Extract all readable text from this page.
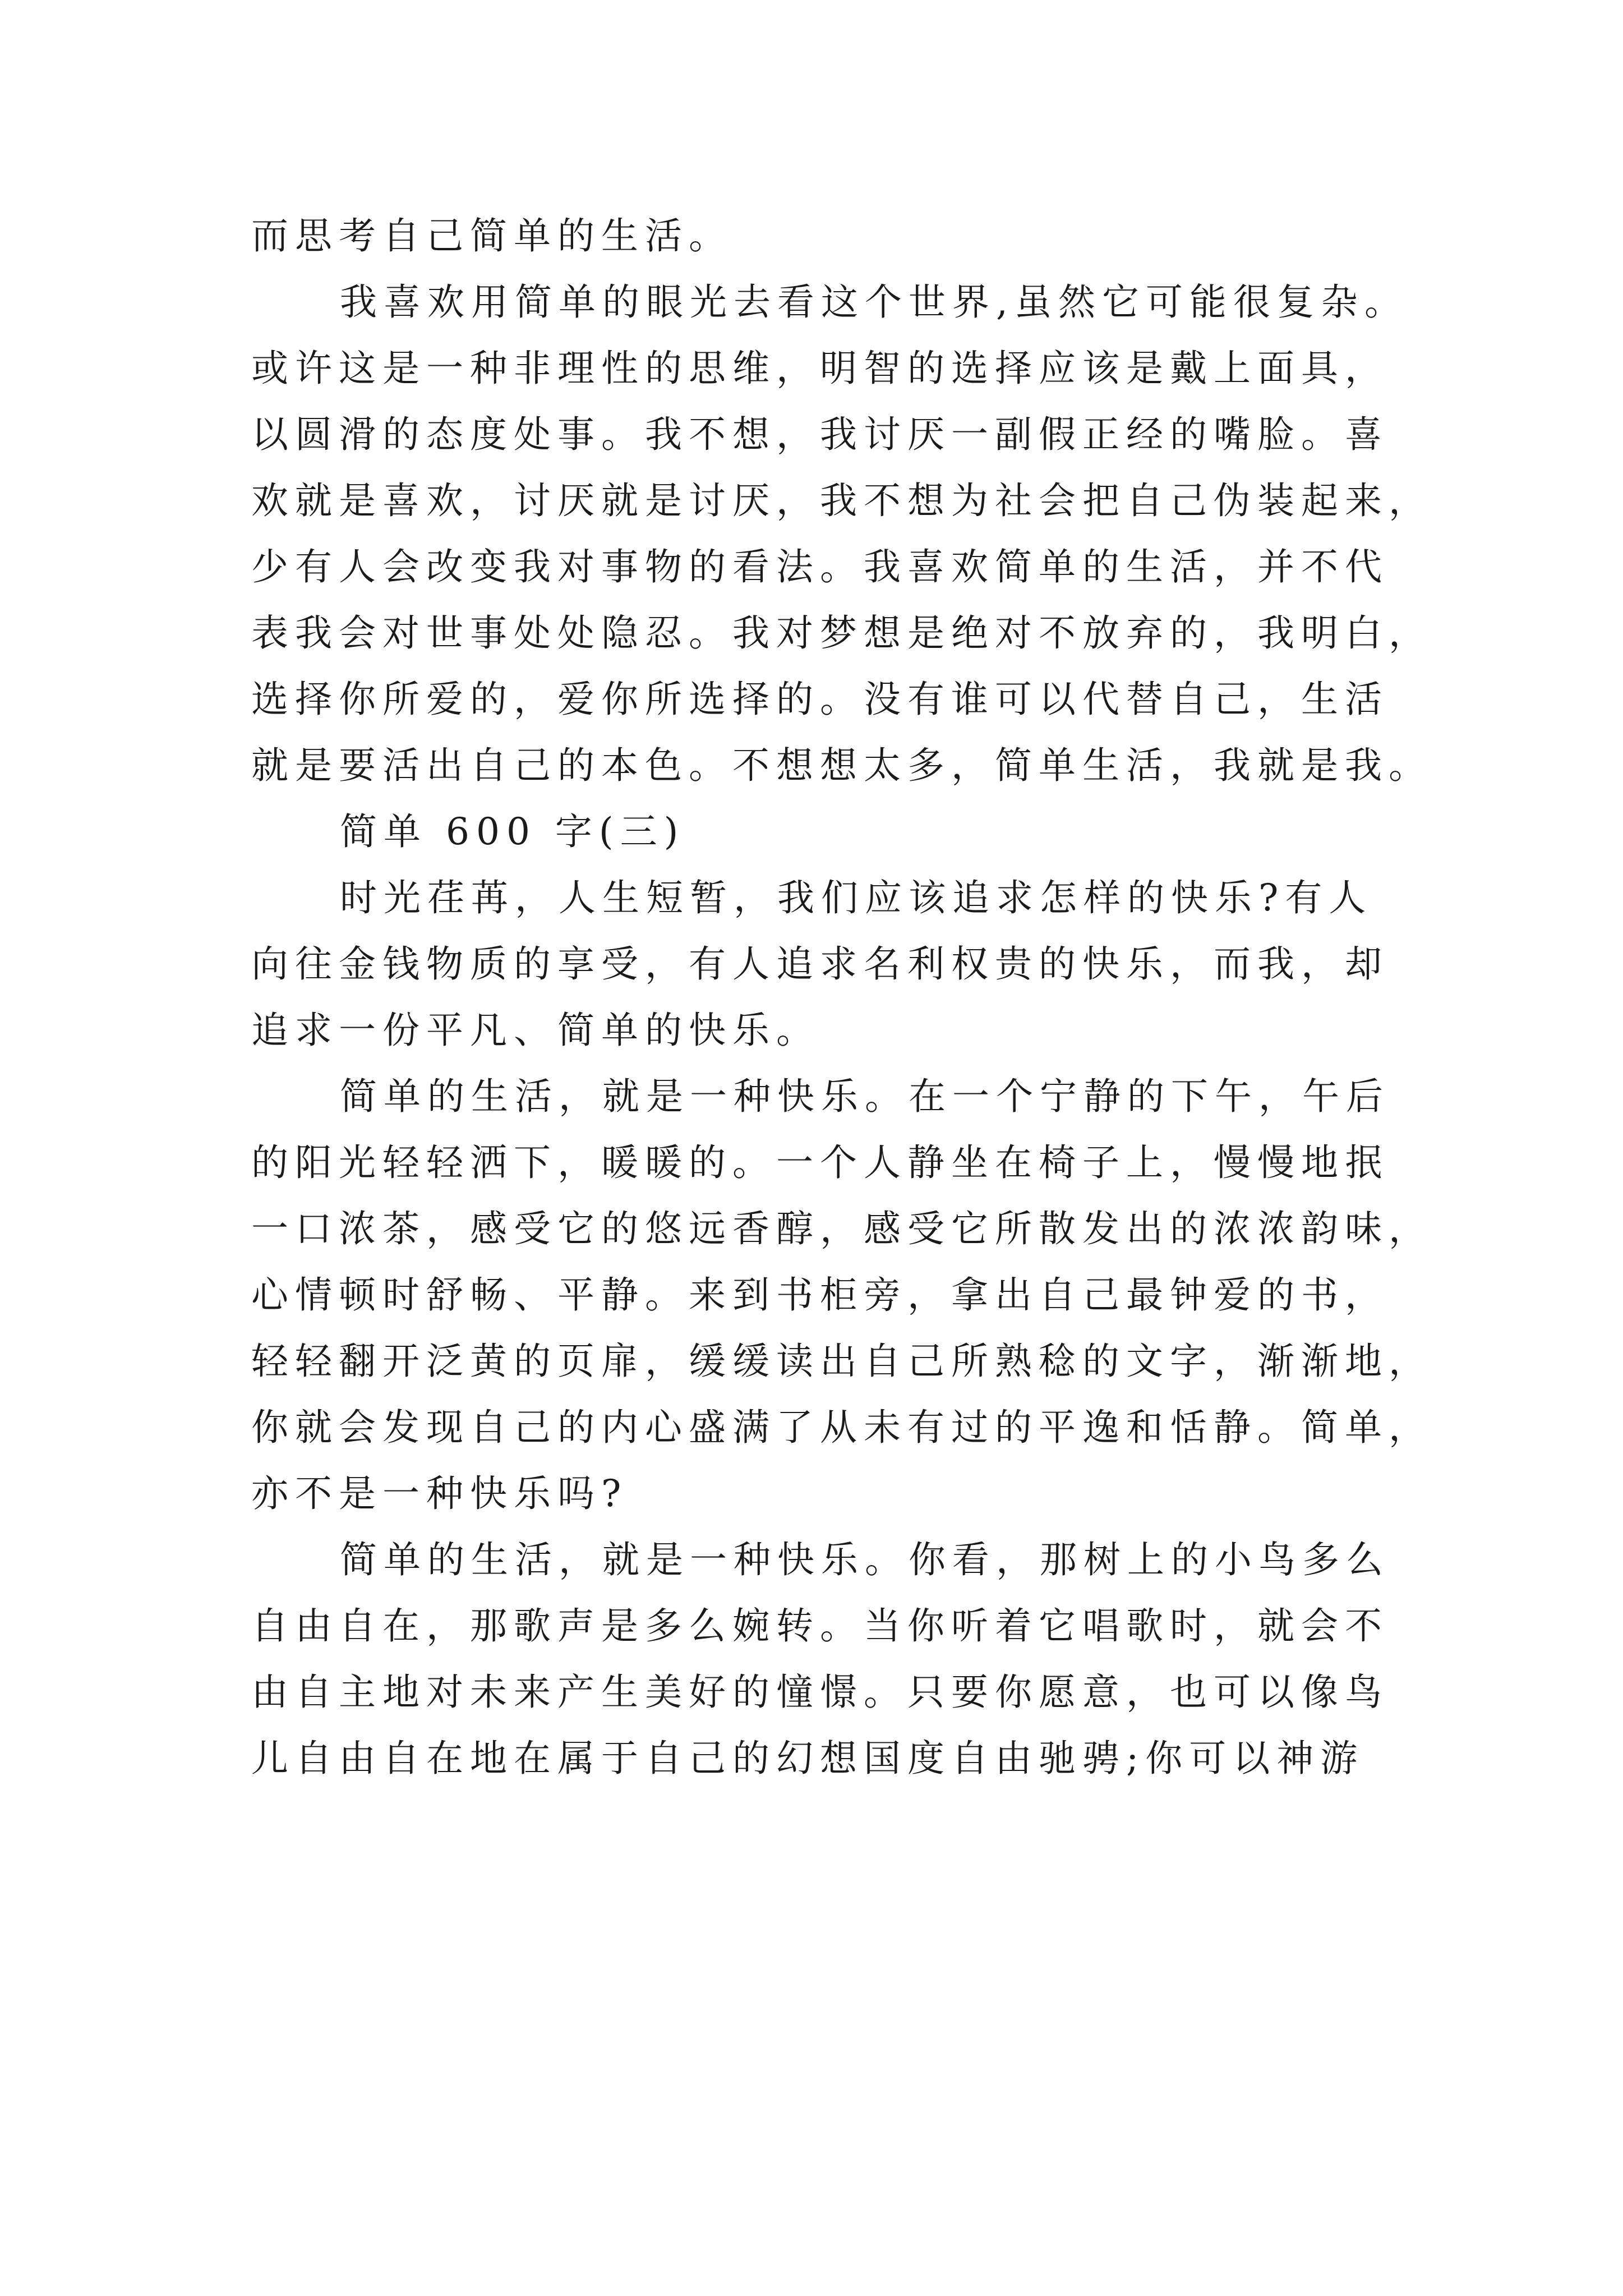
而思考自己简单的生活。
我喜欢用简单的眼光去看这个世界,虽然它可能很复杂。
或许这是一种非理性的思维，明智的选择应该是戴上面具，
以圆滑的态度处事。我不想，我讨厌一副假正经的嘴脸。喜
欢就是喜欢，讨厌就是讨厌，我不想为社会把自己伪装起来，
少有人会改变我对事物的看法。我喜欢简单的生活，并不代
表我会对世事处处隐忍。我对梦想是绝对不放弃的，我明白，
选择你所爱的，爱你所选择的。没有谁可以代替自己，生活
就是要活出自己的本色。不想想太多，简单生活，我就是我。
简单 600 字(三)
时光荏苒，人生短暂，我们应该追求怎样的快乐?有人
向往金钱物质的享受，有人追求名利权贵的快乐，而我，却
追求一份平凡、简单的快乐。
简单的生活，就是一种快乐。在一个宁静的下午，午后
的阳光轻轻洒下，暖暖的。一个人静坐在椅子上，慢慢地抿
一口浓茶，感受它的悠远香醇，感受它所散发出的浓浓韵味，
心情顿时舒畅、平静。来到书柜旁，拿出自己最钟爱的书，
轻轻翻开泛黄的页扉，缓缓读出自己所熟稔的文字，渐渐地，
你就会发现自己的内心盛满了从未有过的平逸和恬静。简单，
亦不是一种快乐吗?
简单的生活，就是一种快乐。你看，那树上的小鸟多么
自由自在，那歌声是多么婉转。当你听着它唱歌时，就会不
由自主地对未来产生美好的憧憬。只要你愿意，也可以像鸟
儿自由自在地在属于自己的幻想国度自由驰骋;你可以神游
